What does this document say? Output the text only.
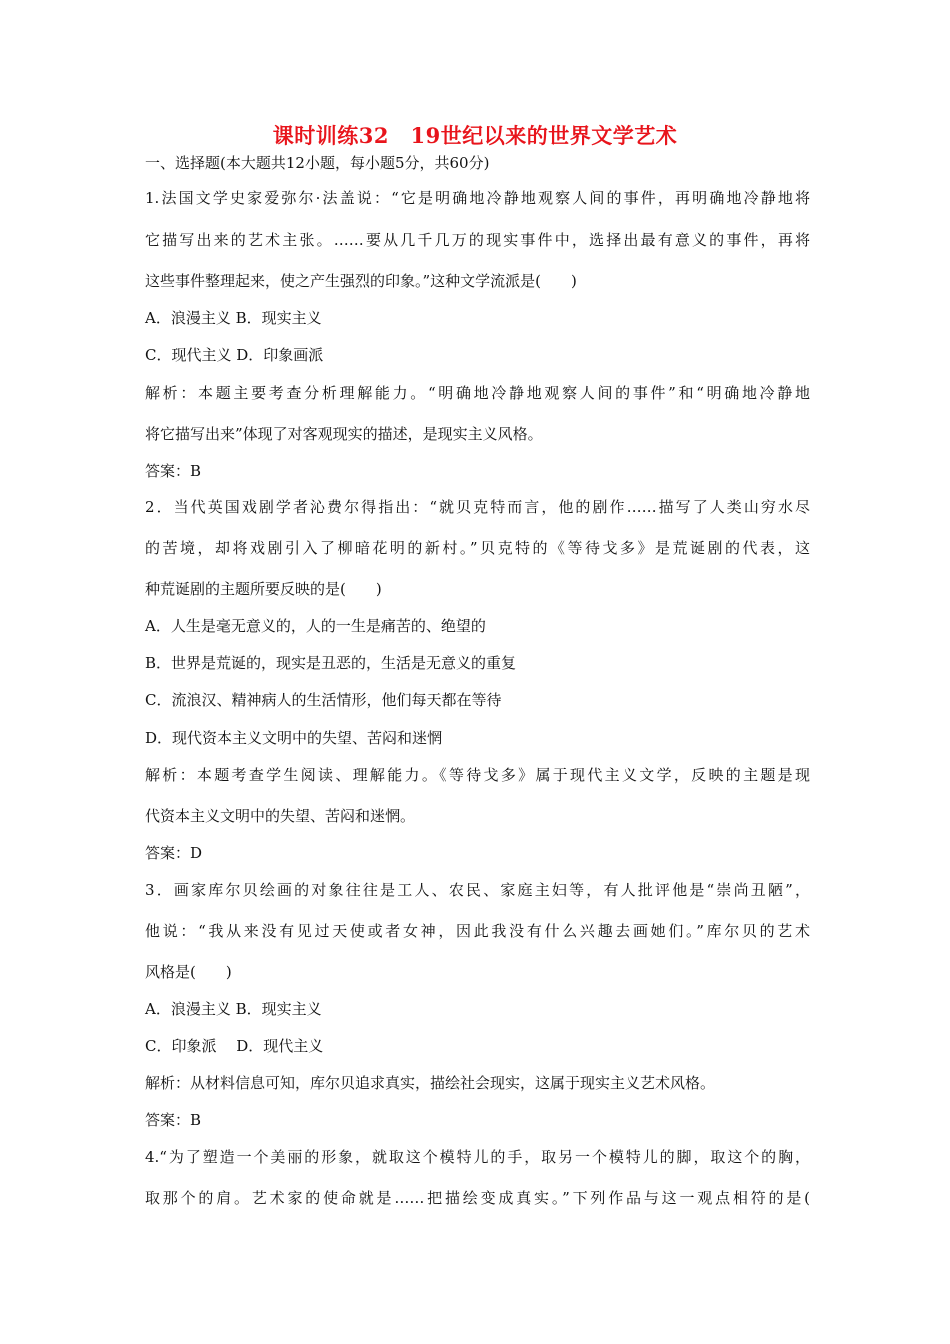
课时训练32　19世纪以来的世界文学艺术
一、选择题(本大题共12小题，每小题5分，共60分)
1.法国文学史家爱弥尔·法盖说：“它是明确地冷静地观察人间的事件，再明确地冷静地将
它描写出来的艺术主张。……要从几千几万的现实事件中，选择出最有意义的事件，再将
这些事件整理起来，使之产生强烈的印象。”这种文学流派是(　　)
A．浪漫主义 B．现实主义
C．现代主义 D．印象画派
解析：本题主要考查分析理解能力。“明确地冷静地观察人间的事件”和“明确地冷静地
将它描写出来”体现了对客观现实的描述，是现实主义风格。
答案：B
2．当代英国戏剧学者沁费尔得指出：“就贝克特而言，他的剧作……描写了人类山穷水尽
的苦境，却将戏剧引入了柳暗花明的新村。”贝克特的《等待戈多》是荒诞剧的代表，这
种荒诞剧的主题所要反映的是(　　)
A．人生是毫无意义的，人的一生是痛苦的、绝望的
B．世界是荒诞的，现实是丑恶的，生活是无意义的重复
C．流浪汉、精神病人的生活情形，他们每天都在等待
D．现代资本主义文明中的失望、苦闷和迷惘
解析：本题考查学生阅读、理解能力。《等待戈多》属于现代主义文学，反映的主题是现
代资本主义文明中的失望、苦闷和迷惘。
答案：D
3．画家库尔贝绘画的对象往往是工人、农民、家庭主妇等，有人批评他是“崇尚丑陋”，
他说：“我从来没有见过天使或者女神，因此我没有什么兴趣去画她们。”库尔贝的艺术
风格是(　　)
A．浪漫主义 B．现实主义
C．印象派　 D．现代主义
解析：从材料信息可知，库尔贝追求真实，描绘社会现实，这属于现实主义艺术风格。
答案：B
4.“为了塑造一个美丽的形象，就取这个模特儿的手，取另一个模特儿的脚，取这个的胸，
取那个的肩。艺术家的使命就是……把描绘变成真实。”下列作品与这一观点相符的是(
